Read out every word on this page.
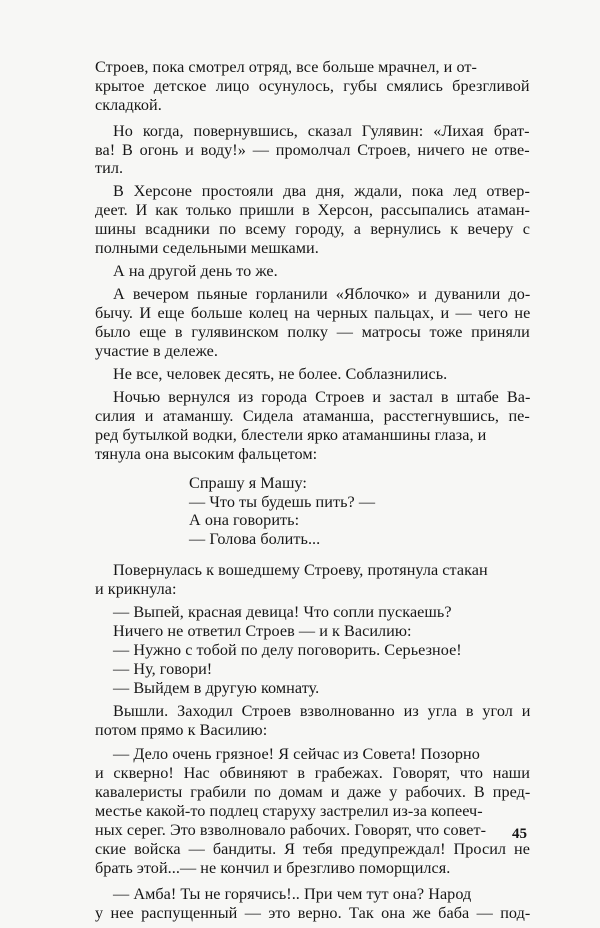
Строев, пока смотрел отряд, все больше мрачнел, и от-
крытое детское лицо осунулось, губы смялись брезгливой
складкой.
Но когда, повернувшись, сказал Гулявин: «Лихая брат-
ва! В огонь и воду!» — промолчал Строев, ничего не отве-
тил.
В Херсоне простояли два дня, ждали, пока лед отвер-
деет. И как только пришли в Херсон, рассыпались атаман-
шины всадники по всему городу, а вернулись к вечеру с
полными седельными мешками.
А на другой день то же.
А вечером пьяные горланили «Яблочко» и дуванили до-
бычу. И еще больше колец на черных пальцах, и — чего не
было еще в гулявинском полку — матросы тоже приняли
участие в дележе.
Не все, человек десять, не более. Соблазнились.
Ночью вернулся из города Строев и застал в штабе Ва-
силия и атаманшу. Сидела атаманша, расстегнувшись, пе-
ред бутылкой водки, блестели ярко атаманшины глаза, и
тянула она высоким фальцетом:
Спрашу я Машу:
— Что ты будешь пить? —
А она говорить:
— Голова болить...
Повернулась к вошедшему Строеву, протянула стакан
и крикнула:
— Выпей, красная девица! Что сопли пускаешь?
Ничего не ответил Строев — и к Василию:
— Нужно с тобой по делу поговорить. Серьезное!
— Ну, говори!
— Выйдем в другую комнату.
Вышли. Заходил Строев взволнованно из угла в угол и
потом прямо к Василию:
— Дело очень грязное! Я сейчас из Совета! Позорно
и скверно! Нас обвиняют в грабежах. Говорят, что наши
кавалеристы грабили по домам и даже у рабочих. В пред-
местье какой-то подлец старуху застрелил из-за копееч-
ных серег. Это взволновало рабочих. Говорят, что совет-
ские войска — бандиты. Я тебя предупреждал! Просил не
брать этой...— не кончил и брезгливо поморщился.
— Амба! Ты не горячись!.. При чем тут она? Народ
у нее распущенный — это верно. Так она же баба — под-
45
